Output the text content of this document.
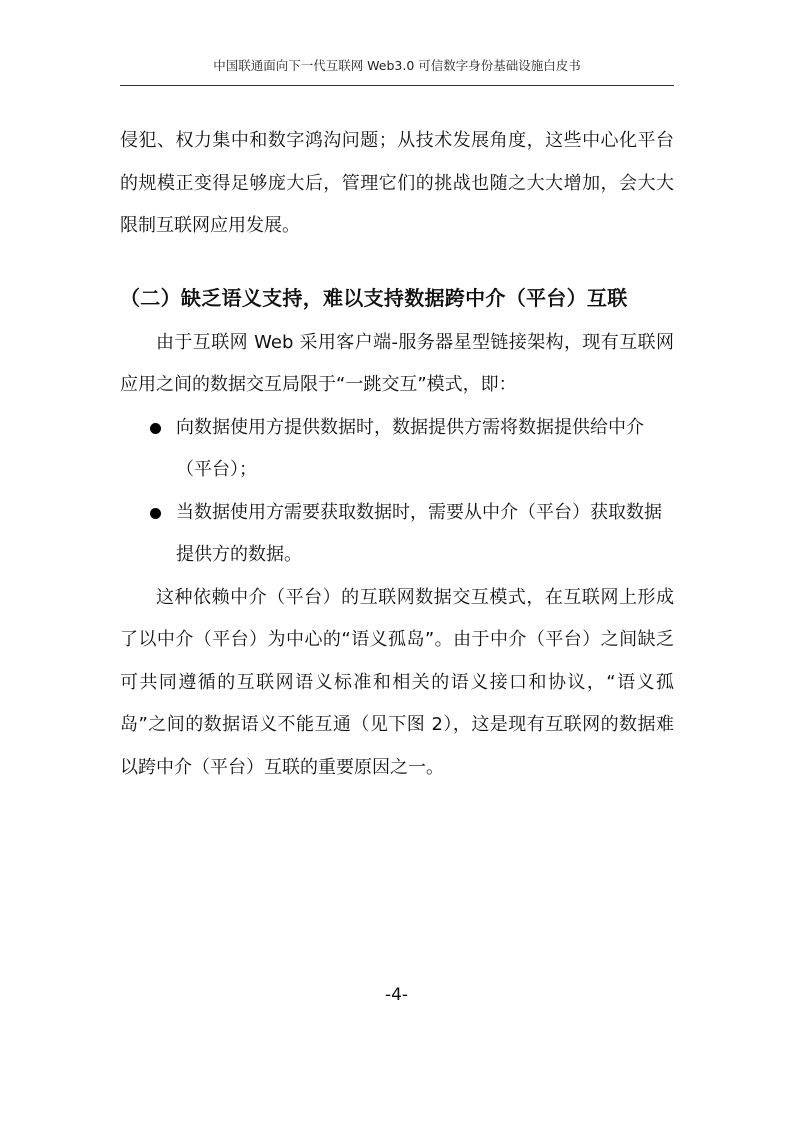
中国联通面向下一代互联网 Web3.0 可信数字身份基础设施白皮书

侵犯、权力集中和数字鸿沟问题；从技术发展角度，这些中心化平台的规模正变得足够庞大后，管理它们的挑战也随之大大增加，会大大限制互联网应用发展。

（二）缺乏语义支持，难以支持数据跨中介（平台）互联

由于互联网 Web 采用客户端-服务器星型链接架构，现有互联网应用之间的数据交互局限于“一跳交互”模式，即：

向数据使用方提供数据时，数据提供方需将数据提供给中介（平台）；
当数据使用方需要获取数据时，需要从中介（平台）获取数据提供方的数据。

这种依赖中介（平台）的互联网数据交互模式，在互联网上形成了以中介（平台）为中心的“语义孤岛”。由于中介（平台）之间缺乏可共同遵循的互联网语义标准和相关的语义接口和协议，“语义孤岛”之间的数据语义不能互通（见下图 2），这是现有互联网的数据难以跨中介（平台）互联的重要原因之一。

-4-
